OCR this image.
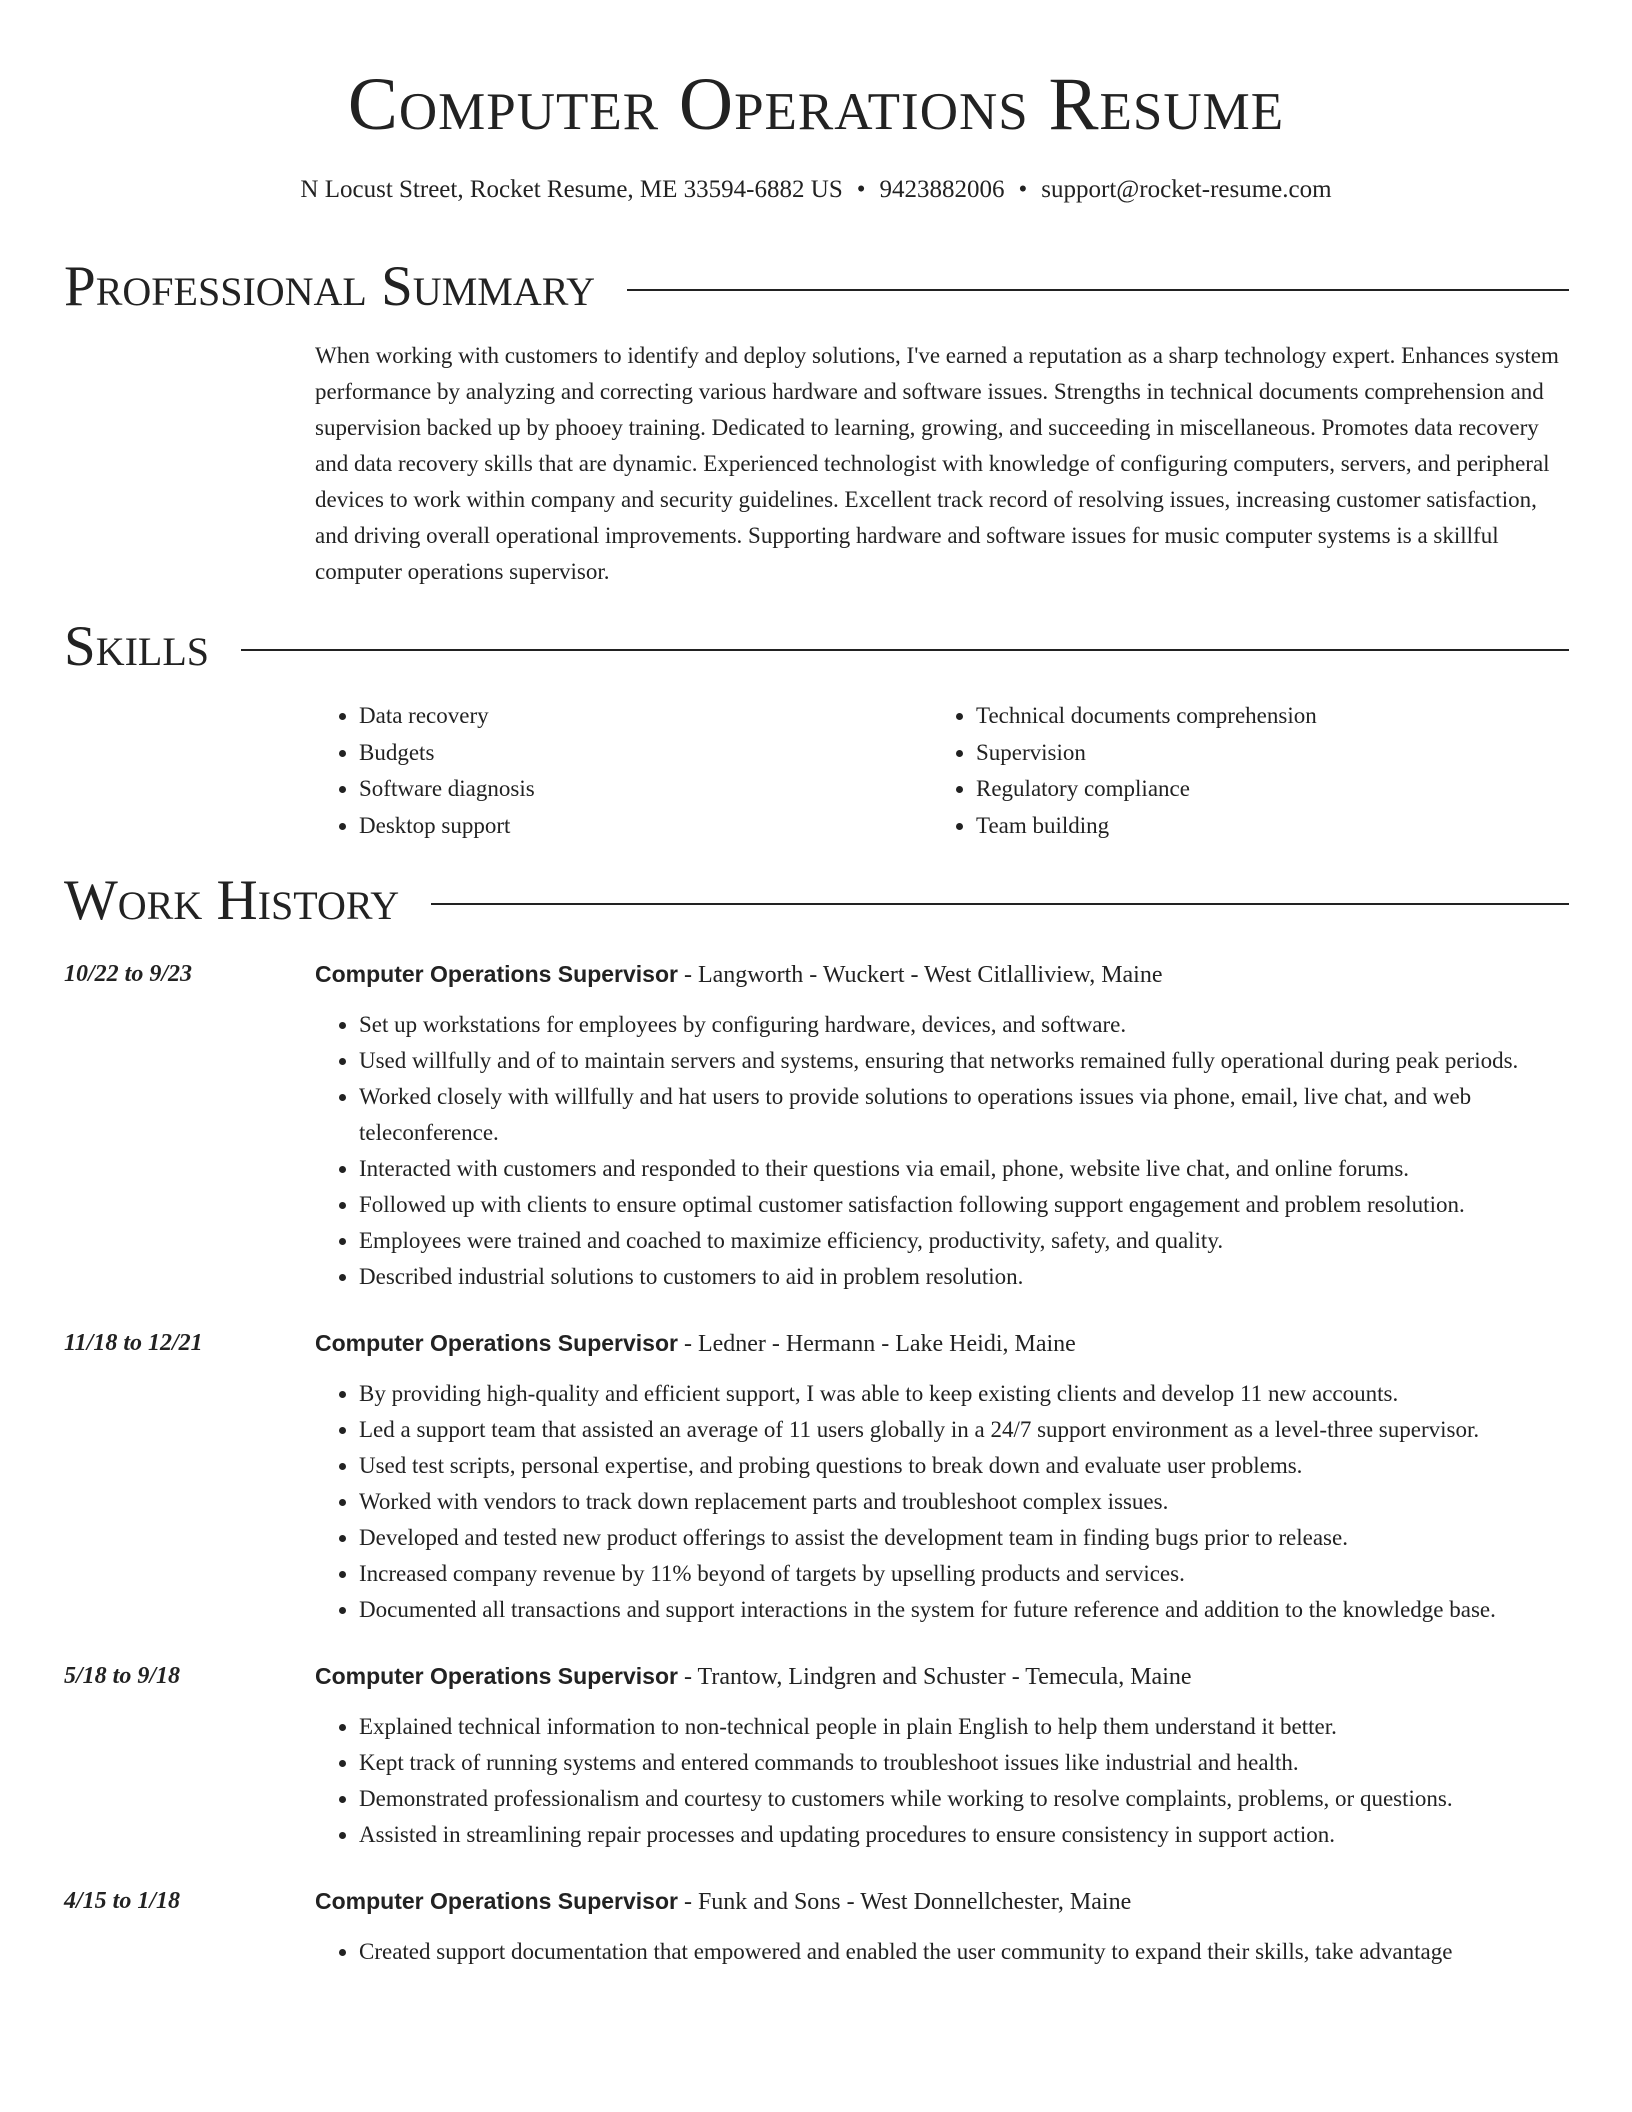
Computer Operations Resume
N Locust Street, Rocket Resume, ME 33594-6882 US • 9423882006 • support@rocket-resume.com
Professional Summary

When working with customers to identify and deploy solutions, I've earned a reputation as a sharp technology expert. Enhances system performance by analyzing and correcting various hardware and software issues. Strengths in technical documents comprehension and supervision backed up by phooey training. Dedicated to learning, growing, and succeeding in miscellaneous. Promotes data recovery and data recovery skills that are dynamic. Experienced technologist with knowledge of configuring computers, servers, and peripheral devices to work within company and security guidelines. Excellent track record of resolving issues, increasing customer satisfaction, and driving overall operational improvements. Supporting hardware and software issues for music computer systems is a skillful computer operations supervisor.

Skills
• Data recovery
• Budgets
• Software diagnosis
• Desktop support
• Technical documents comprehension
• Supervision
• Regulatory compliance
• Team building
Work History
10/22 to 9/23	Computer Operations Supervisor - Langworth - Wuckert - West Citlalliview, Maine
• Set up workstations for employees by configuring hardware, devices, and software.
• Used willfully and of to maintain servers and systems, ensuring that networks remained fully operational during peak periods.
• Worked closely with willfully and hat users to provide solutions to operations issues via phone, email, live chat, and web teleconference.
• Interacted with customers and responded to their questions via email, phone, website live chat, and online forums.
• Followed up with clients to ensure optimal customer satisfaction following support engagement and problem resolution.
• Employees were trained and coached to maximize efficiency, productivity, safety, and quality.
• Described industrial solutions to customers to aid in problem resolution.
11/18 to 12/21	Computer Operations Supervisor - Ledner - Hermann - Lake Heidi, Maine
• By providing high-quality and efficient support, I was able to keep existing clients and develop 11 new accounts.
• Led a support team that assisted an average of 11 users globally in a 24/7 support environment as a level-three supervisor.
• Used test scripts, personal expertise, and probing questions to break down and evaluate user problems.
• Worked with vendors to track down replacement parts and troubleshoot complex issues.
• Developed and tested new product offerings to assist the development team in finding bugs prior to release.
• Increased company revenue by 11% beyond of targets by upselling products and services.
• Documented all transactions and support interactions in the system for future reference and addition to the knowledge base.
5/18 to 9/18	Computer Operations Supervisor - Trantow, Lindgren and Schuster - Temecula, Maine
• Explained technical information to non-technical people in plain English to help them understand it better.
• Kept track of running systems and entered commands to troubleshoot issues like industrial and health.
• Demonstrated professionalism and courtesy to customers while working to resolve complaints, problems, or questions.
• Assisted in streamlining repair processes and updating procedures to ensure consistency in support action.
4/15 to 1/18	Computer Operations Supervisor - Funk and Sons - West Donnellchester, Maine
• Created support documentation that empowered and enabled the user community to expand their skills, take advantage
